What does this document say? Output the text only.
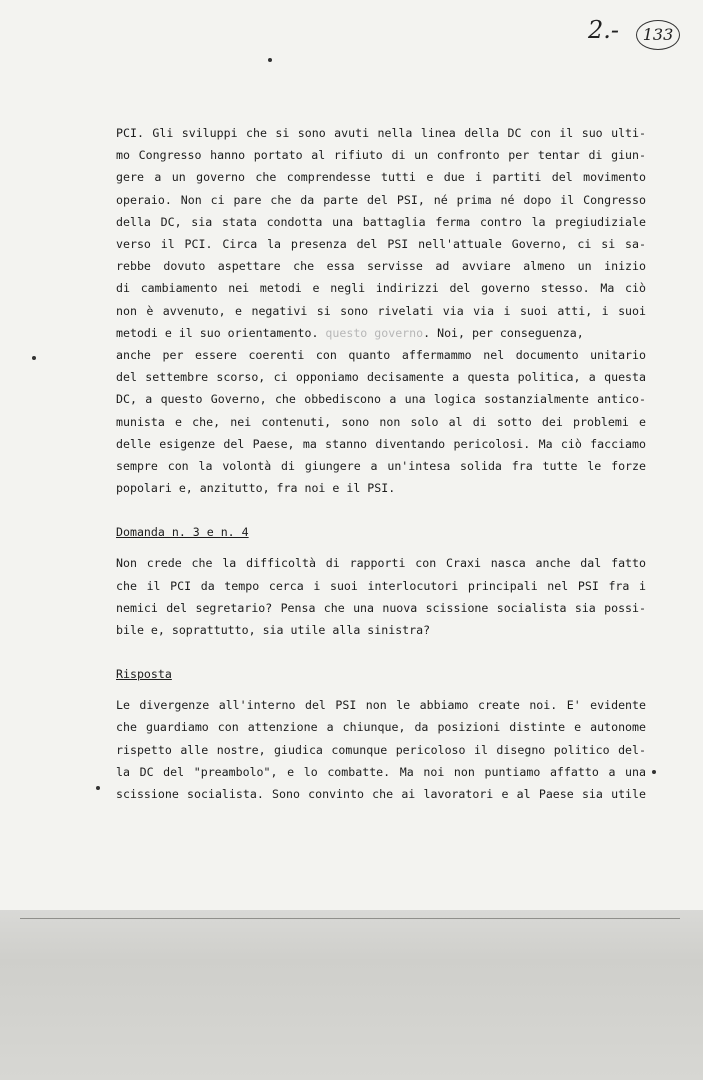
2.-	133
PCI. Gli sviluppi che si sono avuti nella linea della DC con il suo ulti-
mo Congresso hanno portato al rifiuto di un confronto per tentar di giun-
gere a un governo che comprendesse tutti e due i partiti del movimento
operaio. Non ci pare che da parte del PSI, né prima né dopo il Congresso
della DC, sia stata condotta una battaglia ferma contro la pregiudiziale
verso il PCI. Circa la presenza del PSI nell'attuale Governo, ci si sa-
rebbe dovuto aspettare che essa servisse ad avviare almeno un inizio
di cambiamento nei metodi e negli indirizzi del governo stesso. Ma ciò
non è avvenuto, e negativi si sono rivelati via via i suoi atti, i suoi
metodi e il suo orientamento. questo governo. Noi, per conseguenza,
anche per essere coerenti con quanto affermammo nel documento unitario
del settembre scorso, ci opponiamo decisamente a questa politica, a questa
DC, a questo Governo, che obbediscono a una logica sostanzialmente antico-
munista e che, nei contenuti, sono non solo al di sotto dei problemi e
delle esigenze del Paese, ma stanno diventando pericolosi. Ma ciò facciamo
sempre con la volontà di giungere a un'intesa solida fra tutte le forze
popolari e, anzitutto, fra noi e il PSI.
Domanda n. 3 e n. 4
Non crede che la difficoltà di rapporti con Craxi nasca anche dal fatto
che il PCI da tempo cerca i suoi interlocutori principali nel PSI fra i
nemici del segretario? Pensa che una nuova scissione socialista sia possi-
bile e, soprattutto, sia utile alla sinistra?
Risposta
Le divergenze all'interno del PSI non le abbiamo create noi. E' evidente
che guardiamo con attenzione a chiunque, da posizioni distinte e autonome
rispetto alle nostre, giudica comunque pericoloso il disegno politico del-
la DC del "preambolo", e lo combatte. Ma noi non puntiamo affatto a una
scissione socialista. Sono convinto che ai lavoratori e al Paese sia utile
